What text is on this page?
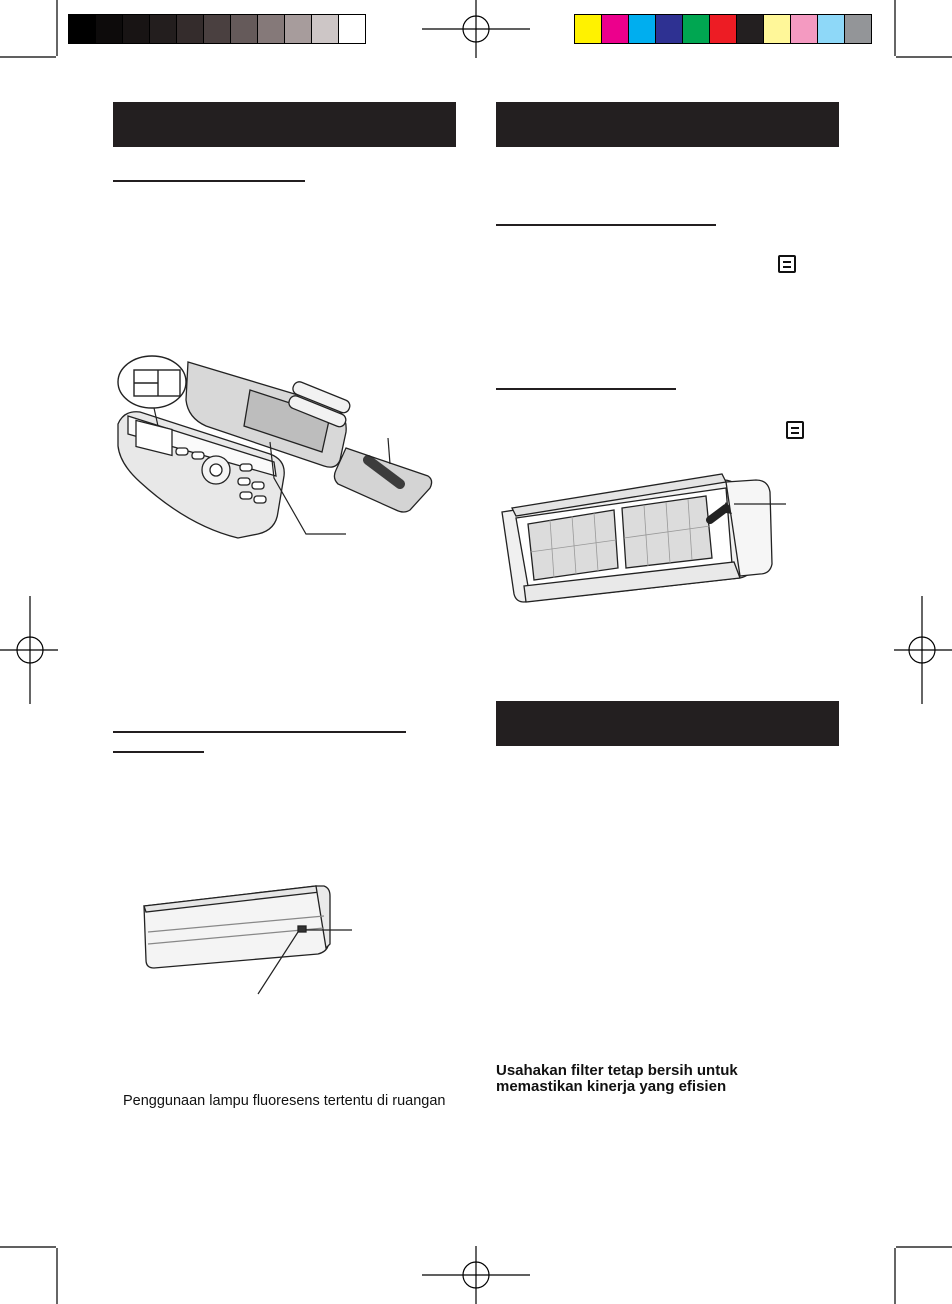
Usahakan filter tetap bersih untuk
memastikan kinerja yang efisien
Penggunaan lampu fluoresens tertentu di ruangan
